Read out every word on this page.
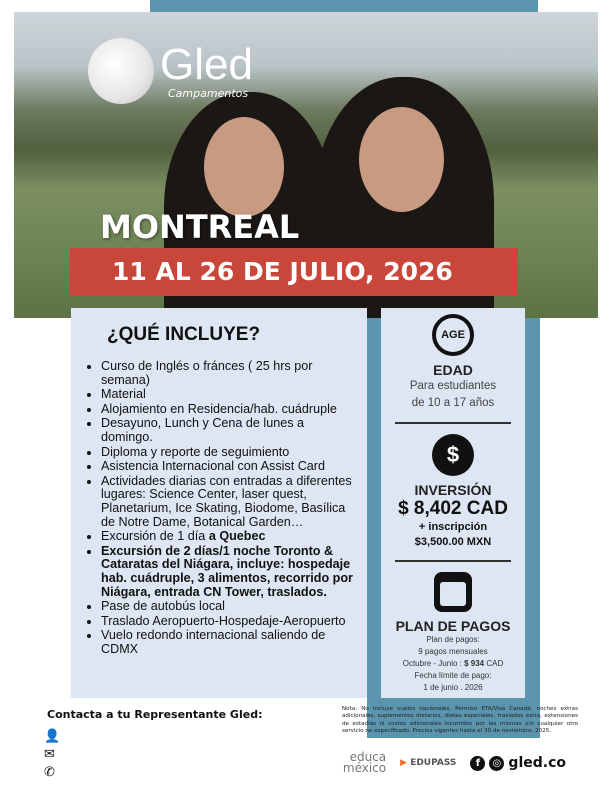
Gled
Campamentos
11 AL 26 DE JULIO, 2026
MONTREAL
¿QUÉ INCLUYE?
• Curso de Inglés o fránces ( 25 hrs por semana)
• Material
• Alojamiento en Residencia/hab. cuádruple
• Desayuno, Lunch y Cena de lunes a domingo.
• Diploma y reporte de seguimiento
• Asistencia Internacional con Assist Card
• Actividades diarias con entradas a diferentes lugares: Science Center, laser quest, Planetarium, Ice Skating, Biodome, Basílica de Notre Dame, Botanical Garden…
• Excursión de 1 día a Quebec
• Excursión de 2 días/1 noche Toronto & Cataratas del Niágara, incluye: hospedaje hab. cuádruple, 3 alimentos, recorrido por Niágara, entrada CN Tower, traslados.
• Pase de autobús local
• Traslado Aeropuerto-Hospedaje-Aeropuerto
• Vuelo redondo internacional saliendo de CDMX
AGE
EDAD
Para estudiantes
de 10 a 17 años
$
INVERSIÓN
$ 8,402 CAD
+ inscripción
$3,500.00 MXN
PLAN DE PAGOS
Plan de pagos:
9 pagos mensuales
Octubre - Junio : $ 934 CAD
Fecha límite de pago:
1 de junio . 2026
Contacta a tu Representante Gled:
👤
✉
✆
Nota: No incluye vuelos nacionales, Permiso ETA/Visa Canadá, noches extras adicionales, suplementos dietarios, dietas especiales, traslados extra, extensiones de estadías ni costos adicionales incurridos por las mismas y/o cualquier otro servicio no especificado. Precios vigentes hasta el 30 de noviembre, 2025.
educa
méxico ▶ EDUPASS	f	◎ gled.co
